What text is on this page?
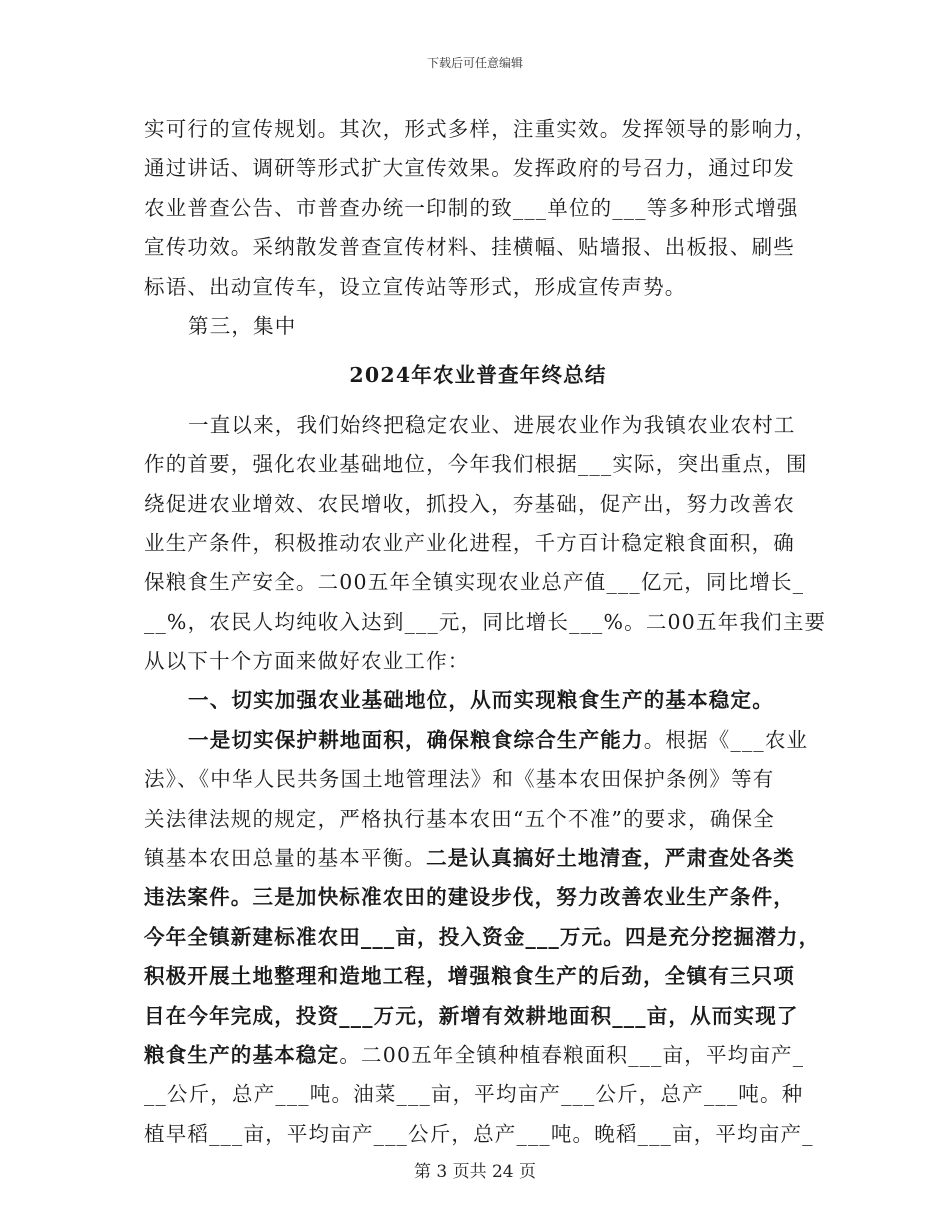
下载后可任意编辑
实可行的宣传规划。其次，形式多样，注重实效。发挥领导的影响力，
通过讲话、调研等形式扩大宣传效果。发挥政府的号召力，通过印发
农业普查公告、市普查办统一印制的致___单位的___等多种形式增强
宣传功效。采纳散发普查宣传材料、挂横幅、贴墙报、出板报、刷些
标语、出动宣传车，设立宣传站等形式，形成宣传声势。
第三，集中
2024年农业普查年终总结
一直以来，我们始终把稳定农业、进展农业作为我镇农业农村工
作的首要，强化农业基础地位，今年我们根据___实际，突出重点，围
绕促进农业增效、农民增收，抓投入，夯基础，促产出，努力改善农
业生产条件，积极推动农业产业化进程，千方百计稳定粮食面积，确
保粮食生产安全。二00五年全镇实现农业总产值___亿元，同比增长_
__%，农民人均纯收入达到___元，同比增长___%。二00五年我们主要
从以下十个方面来做好农业工作：
一、切实加强农业基础地位，从而实现粮食生产的基本稳定。
一是切实保护耕地面积，确保粮食综合生产能力。根据《___农业
法》、《中华人民共务国土地管理法》和《基本农田保护条例》等有
关法律法规的规定，严格执行基本农田“五个不准”的要求，确保全
镇基本农田总量的基本平衡。二是认真搞好土地清查，严肃查处各类
违法案件。三是加快标准农田的建设步伐，努力改善农业生产条件，
今年全镇新建标准农田___亩，投入资金___万元。四是充分挖掘潜力，
积极开展土地整理和造地工程，增强粮食生产的后劲，全镇有三只项
目在今年完成，投资___万元，新增有效耕地面积___亩，从而实现了
粮食生产的基本稳定。二00五年全镇种植春粮面积___亩，平均亩产_
__公斤，总产___吨。油菜___亩，平均亩产___公斤，总产___吨。种
植早稻___亩，平均亩产___公斤，总产___吨。晚稻___亩，平均亩产_
第 3 页共 24 页
